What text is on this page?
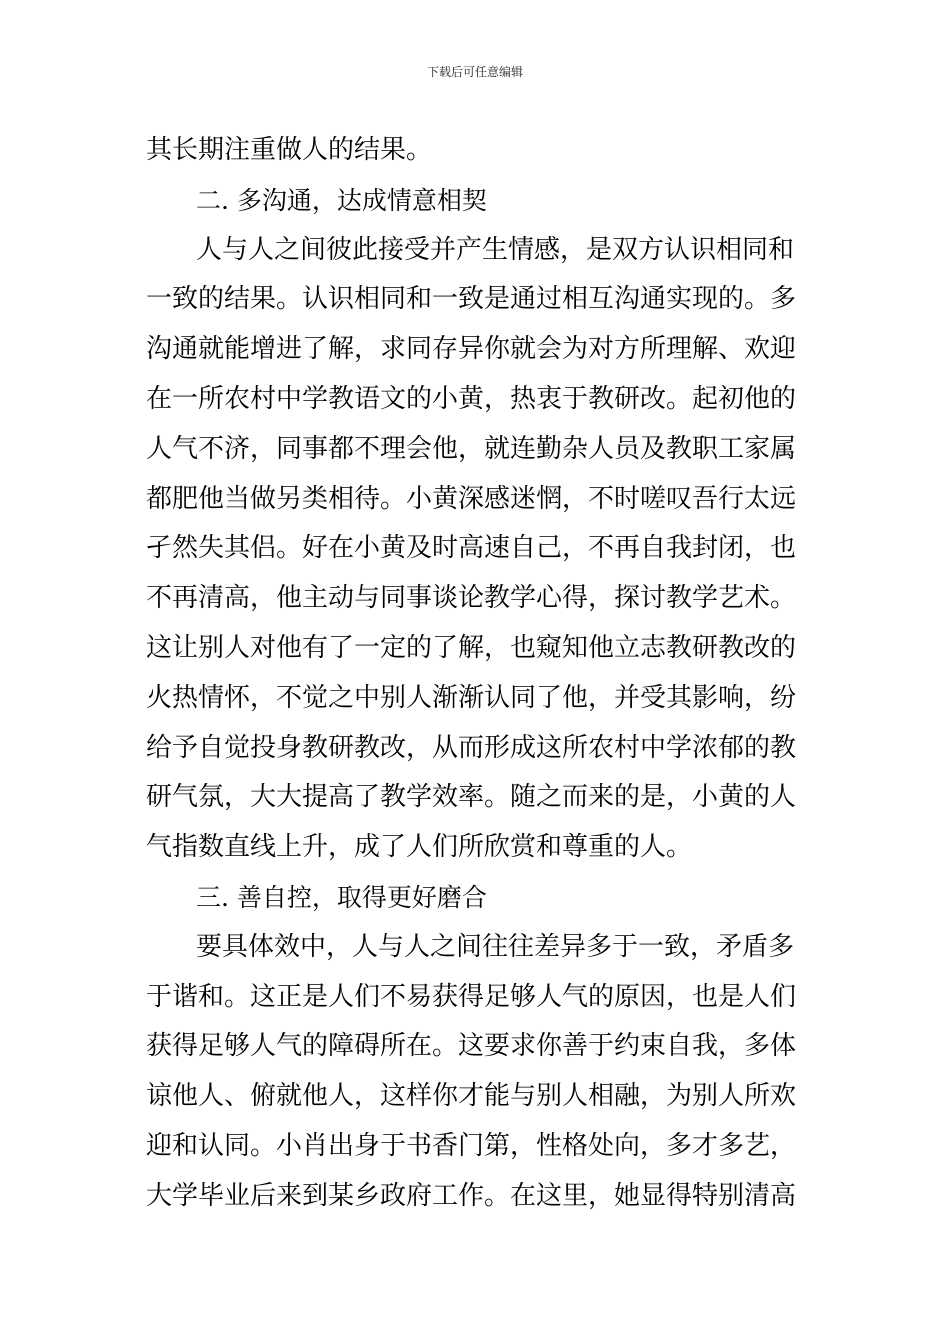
下载后可任意编辑
其长期注重做人的结果。
二. 多沟通，达成情意相契
人与人之间彼此接受并产生情感，是双方认识相同和
一致的结果。认识相同和一致是通过相互沟通实现的。多
沟通就能增进了解，求同存异你就会为对方所理解、欢迎
在一所农村中学教语文的小黄，热衷于教研改。起初他的
人气不济，同事都不理会他，就连勤杂人员及教职工家属
都肥他当做另类相待。小黄深感迷惘，不时嗟叹吾行太远
孑然失其侣。好在小黄及时高速自己，不再自我封闭，也
不再清高，他主动与同事谈论教学心得，探讨教学艺术。
这让别人对他有了一定的了解，也窥知他立志教研教改的
火热情怀，不觉之中别人渐渐认同了他，并受其影响，纷
给予自觉投身教研教改，从而形成这所农村中学浓郁的教
研气氛，大大提高了教学效率。随之而来的是，小黄的人
气指数直线上升，成了人们所欣赏和尊重的人。
三. 善自控，取得更好磨合
要具体效中，人与人之间往往差异多于一致，矛盾多
于谐和。这正是人们不易获得足够人气的原因，也是人们
获得足够人气的障碍所在。这要求你善于约束自我，多体
谅他人、俯就他人，这样你才能与别人相融，为别人所欢
迎和认同。小肖出身于书香门第，性格处向，多才多艺，
大学毕业后来到某乡政府工作。在这里，她显得特别清高
